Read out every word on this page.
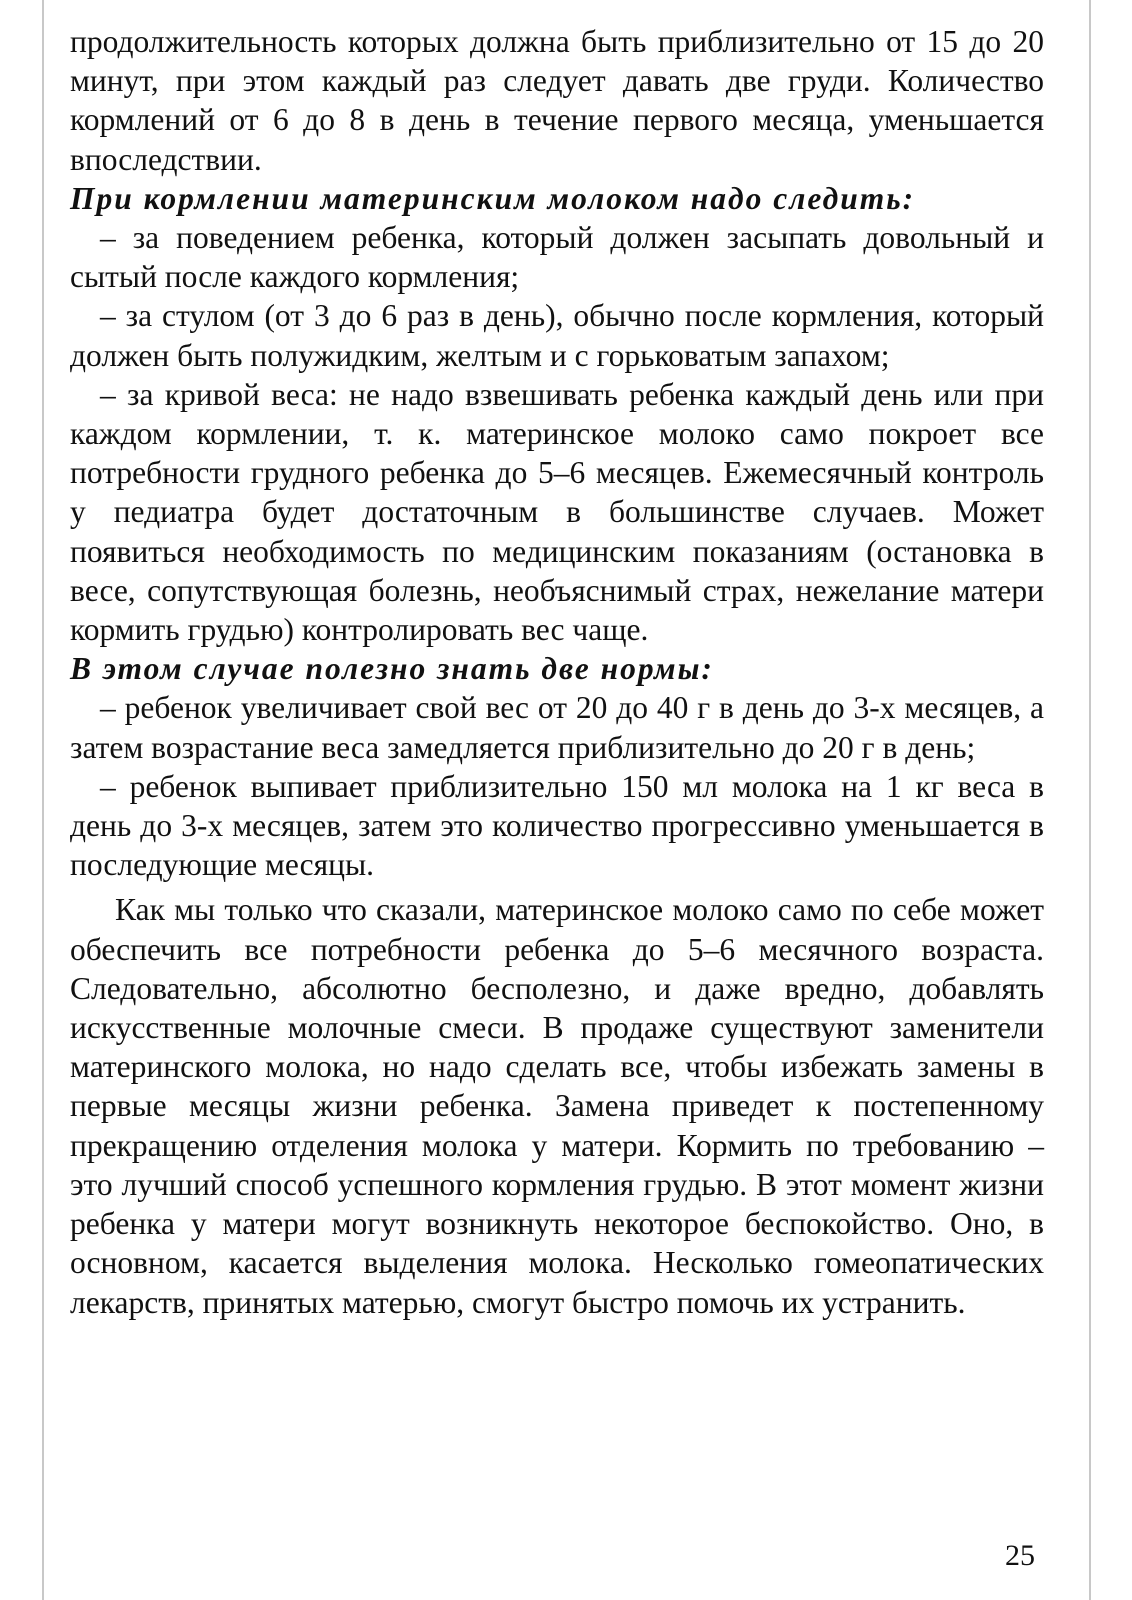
продолжительность которых должна быть приблизительно от 15 до 20 минут, при этом каждый раз следует давать две груди. Количество кормлений от 6 до 8 в день в течение первого месяца, уменьшается впоследствии.

При кормлении материнским молоком надо следить:

– за поведением ребенка, который должен засыпать довольный и сытый после каждого кормления;

– за стулом (от 3 до 6 раз в день), обычно после кормления, который должен быть полужидким, желтым и с горьковатым запахом;

– за кривой веса: не надо взвешивать ребенка каждый день или при каждом кормлении, т. к. материнское молоко само покроет все потребности грудного ребенка до 5–6 месяцев. Ежемесячный контроль у педиатра будет достаточным в большинстве случаев. Может появиться необходимость по медицинским показаниям (остановка в весе, сопутствующая болезнь, необъяснимый страх, нежелание матери кормить грудью) контролировать вес чаще.

В этом случае полезно знать две нормы:

– ребенок увеличивает свой вес от 20 до 40 г в день до 3-х месяцев, а затем возрастание веса замедляется приблизительно до 20 г в день;

– ребенок выпивает приблизительно 150 мл молока на 1 кг веса в день до 3-х месяцев, затем это количество прогрессивно уменьшается в последующие месяцы.

Как мы только что сказали, материнское молоко само по себе может обеспечить все потребности ребенка до 5–6 месячного возраста. Следовательно, абсолютно бесполезно, и даже вредно, добавлять искусственные молочные смеси. В продаже существуют заменители материнского молока, но надо сделать все, чтобы избежать замены в первые месяцы жизни ребенка. Замена приведет к постепенному прекращению отделения молока у матери. Кормить по требованию – это лучший способ успешного кормления грудью. В этот момент жизни ребенка у матери могут возникнуть некоторое беспокойство. Оно, в основном, касается выделения молока. Несколько гомеопатических лекарств, принятых матерью, смогут быстро помочь их устранить.

25
